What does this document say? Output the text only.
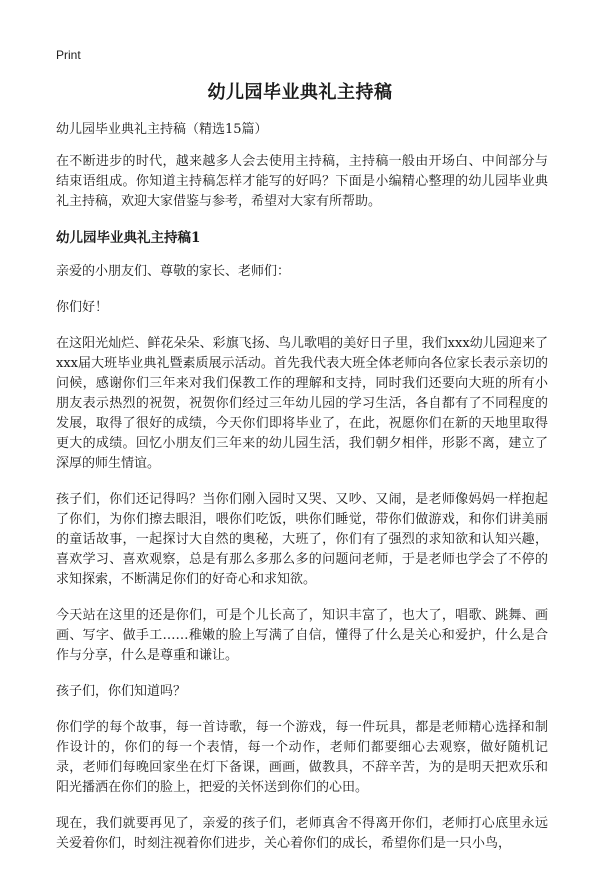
Print
幼儿园毕业典礼主持稿

幼儿园毕业典礼主持稿（精选15篇）

在不断进步的时代，越来越多人会去使用主持稿，主持稿一般由开场白、中间部分与结束语组成。你知道主持稿怎样才能写的好吗？下面是小编精心整理的幼儿园毕业典礼主持稿，欢迎大家借鉴与参考，希望对大家有所帮助。

幼儿园毕业典礼主持稿1

亲爱的小朋友们、尊敬的家长、老师们：

你们好！

在这阳光灿烂、鲜花朵朵、彩旗飞扬、鸟儿歌唱的美好日子里，我们xxx幼儿园迎来了xxx届大班毕业典礼暨素质展示活动。首先我代表大班全体老师向各位家长表示亲切的问候，感谢你们三年来对我们保教工作的理解和支持，同时我们还要向大班的所有小朋友表示热烈的祝贺，祝贺你们经过三年幼儿园的学习生活，各自都有了不同程度的发展，取得了很好的成绩，今天你们即将毕业了，在此，祝愿你们在新的天地里取得更大的成绩。回忆小朋友们三年来的幼儿园生活，我们朝夕相伴，形影不离，建立了深厚的师生情谊。

孩子们，你们还记得吗？当你们刚入园时又哭、又吵、又闹，是老师像妈妈一样抱起了你们，为你们擦去眼泪，喂你们吃饭，哄你们睡觉，带你们做游戏，和你们讲美丽的童话故事，一起探讨大自然的奥秘，大班了，你们有了强烈的求知欲和认知兴趣，喜欢学习、喜欢观察，总是有那么多那么多的问题问老师，于是老师也学会了不停的求知探索，不断满足你们的好奇心和求知欲。

今天站在这里的还是你们，可是个儿长高了，知识丰富了，也大了，唱歌、跳舞、画画、写字、做手工……稚嫩的脸上写满了自信，懂得了什么是关心和爱护，什么是合作与分享，什么是尊重和谦让。

孩子们，你们知道吗？

你们学的每个故事，每一首诗歌，每一个游戏，每一件玩具，都是老师精心选择和制作设计的，你们的每一个表情，每一个动作，老师们都要细心去观察，做好随机记录，老师们每晚回家坐在灯下备课，画画，做教具，不辞辛苦，为的是明天把欢乐和阳光播洒在你们的脸上，把爱的关怀送到你们的心田。

现在，我们就要再见了，亲爱的孩子们，老师真舍不得离开你们，老师打心底里永远关爱着你们，时刻注视着你们进步，关心着你们的成长，希望你们是一只小鸟，
